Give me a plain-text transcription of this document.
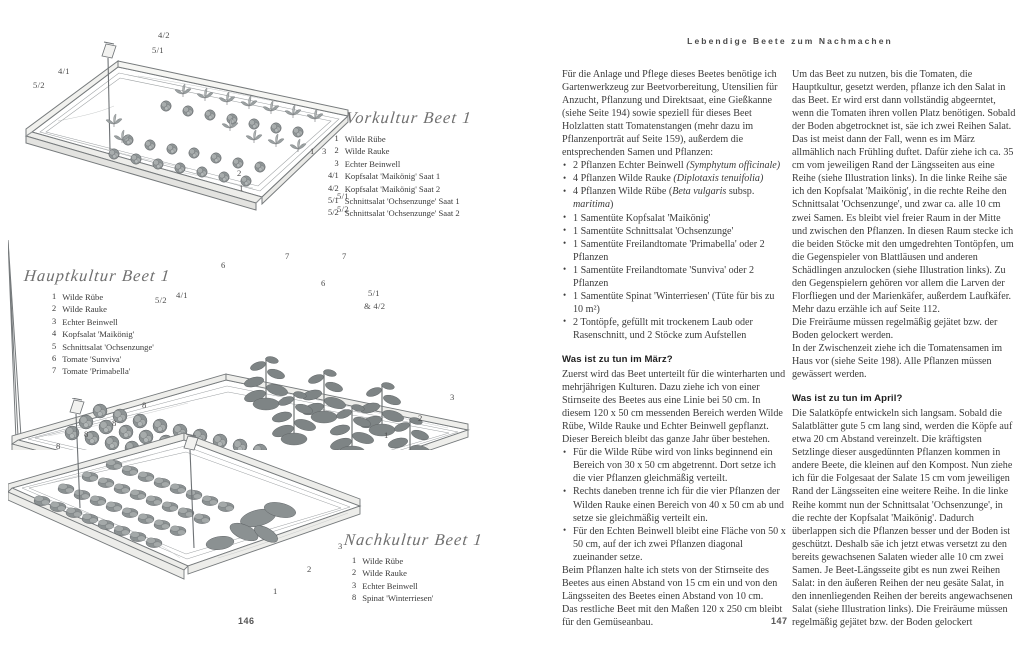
4/2
5/1
4/1
5/2
2
1
1 3
5/1
5/2
6
7	7
4/1
5/2
5/1
& 4/2
6
3
2
1
8
8
8
8
3
2
1
Vorkultur Beet 1
1	Wilde Rübe
2	Wilde Rauke
3	Echter Beinwell
4/1	Kopfsalat 'Maikönig' Saat 1
4/2	Kopfsalat 'Maikönig' Saat 2
5/1	Schnittsalat 'Ochsenzunge' Saat 1
5/2	Schnittsalat 'Ochsenzunge' Saat 2
Hauptkultur Beet 1
1	Wilde Rübe
2	Wilde Rauke
3	Echter Beinwell
4	Kopfsalat 'Maikönig'
5	Schnittsalat 'Ochsenzunge'
6	Tomate 'Sunviva'
7	Tomate 'Primabella'
Nachkultur Beet 1
1	Wilde Rübe
2	Wilde Rauke
3	Echter Beinwell
8	Spinat 'Winterriesen'
Lebendige Beete zum Nachmachen

Für die Anlage und Pflege dieses Beetes benötige ich Gartenwerkzeug zur Beetvorbereitung, Utensilien für Anzucht, Pflanzung und Direktsaat, eine Gießkanne (siehe Seite 194) sowie speziell für dieses Beet Holzlatten statt Tomatenstangen (mehr dazu im Pflanzenporträt auf Seite 159), außerdem die entsprechenden Samen und Pflanzen:

• 2 Pflanzen Echter Beinwell (Symphytum officinale)
• 4 Pflanzen Wilde Rauke (Diplotaxis tenuifolia)
• 4 Pflanzen Wilde Rübe (Beta vulgaris subsp. maritima)
• 1 Samentüte Kopfsalat 'Maikönig'
• 1 Samentüte Schnittsalat 'Ochsenzunge'
• 1 Samentüte Freilandtomate 'Primabella' oder 2 Pflanzen
• 1 Samentüte Freilandtomate 'Sunviva' oder 2 Pflanzen
• 1 Samentüte Spinat 'Winterriesen' (Tüte für bis zu 10 m²)
• 2 Tontöpfe, gefüllt mit trockenem Laub oder Rasenschnitt, und 2 Stöcke zum Aufstellen
Was ist zu tun im März?

Zuerst wird das Beet unterteilt für die winterharten und mehrjährigen Kulturen. Dazu ziehe ich von einer Stirnseite des Beetes aus eine Linie bei 50 cm. In diesem 120 x 50 cm messenden Bereich werden Wilde Rübe, Wilde Rauke und Echter Beinwell gepflanzt. Dieser Bereich bleibt das ganze Jahr über bestehen.

• Für die Wilde Rübe wird von links beginnend ein Bereich von 30 x 50 cm abgetrennt. Dort setze ich die vier Pflanzen gleichmäßig verteilt.
• Rechts daneben trenne ich für die vier Pflanzen der Wilden Rauke einen Bereich von 40 x 50 cm ab und setze sie gleichmäßig verteilt ein.
• Für den Echten Beinwell bleibt eine Fläche von 50 x 50 cm, auf der ich zwei Pflanzen diagonal zueinander setze.

Beim Pflanzen halte ich stets von der Stirnseite des Beetes aus einen Abstand von 15 cm ein und von den Längsseiten des Beetes einen Abstand von 10 cm.

Das restliche Beet mit den Maßen 120 x 250 cm bleibt für den Gemüseanbau.

Um das Beet zu nutzen, bis die Tomaten, die Hauptkultur, gesetzt werden, pflanze ich den Salat in das Beet. Er wird erst dann vollständig abgeerntet, wenn die Tomaten ihren vollen Platz benötigen. Sobald der Boden abgetrocknet ist, säe ich zwei Reihen Salat. Das ist meist dann der Fall, wenn es im März allmählich nach Frühling duftet. Dafür ziehe ich ca. 35 cm vom jeweiligen Rand der Längsseiten aus eine Reihe (siehe Illustration links). In die linke Reihe säe ich den Kopfsalat 'Maikönig', in die rechte Reihe den Schnittsalat 'Ochsenzunge', und zwar ca. alle 10 cm zwei Samen. Es bleibt viel freier Raum in der Mitte und zwischen den Pflanzen. In diesen Raum stecke ich die beiden Stöcke mit den umgedrehten Tontöpfen, um die Gegenspieler von Blattläusen und anderen Schädlingen anzulocken (siehe Illustration links). Zu den Gegenspielern gehören vor allem die Larven der Florfliegen und der Marienkäfer, außerdem Laufkäfer. Mehr dazu erzähle ich auf Seite 112.

Die Freiräume müssen regelmäßig gejätet bzw. der Boden gelockert werden.

In der Zwischenzeit ziehe ich die Tomatensamen im Haus vor (siehe Seite 198). Alle Pflanzen müssen gewässert werden.

Was ist zu tun im April?

Die Salatköpfe entwickeln sich langsam. Sobald die Salatblätter gute 5 cm lang sind, werden die Köpfe auf etwa 20 cm Abstand vereinzelt. Die kräftigsten Setzlinge dieser ausgedünnten Pflanzen kommen in andere Beete, die kleinen auf den Kompost. Nun ziehe ich für die Folgesaat der Salate 15 cm vom jeweiligen Rand der Längsseiten eine weitere Reihe. In die linke Reihe kommt nun der Schnittsalat 'Ochsenzunge', in die rechte der Kopfsalat 'Maikönig'. Dadurch überlappen sich die Pflanzen besser und der Boden ist geschützt. Deshalb säe ich jetzt etwas versetzt zu den bereits gewachsenen Salaten wieder alle 10 cm zwei Samen. Je Beet-Längsseite gibt es nun zwei Reihen Salat: in den äußeren Reihen der neu gesäte Salat, in den innenliegenden Reihen der bereits angewachsenen Salat (siehe Illustration links). Die Freiräume müssen regelmäßig gejätet bzw. der Boden gelockert

146	147
